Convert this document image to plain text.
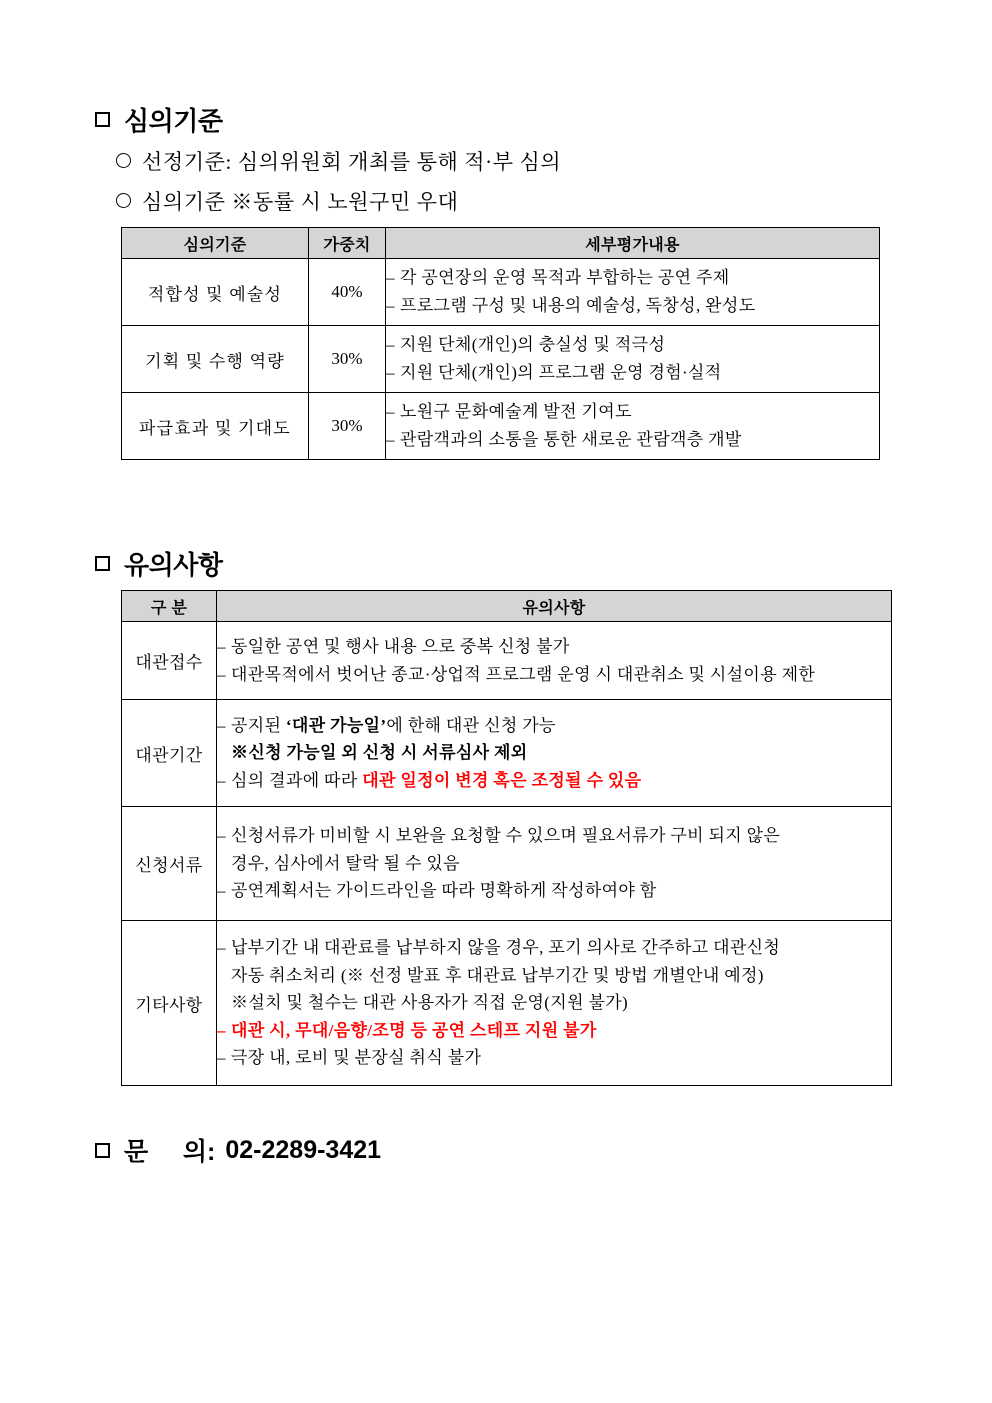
심의기준
선정기준: 심의위원회 개최를 통해 적·부 심의
심의기준 ※동률 시 노원구민 우대
심의기준	가중치	세부평가내용
적합성 및 예술성	40%	– 각 공연장의 운영 목적과 부합하는 공연 주제
– 프로그램 구성 및 내용의 예술성, 독창성, 완성도

기획 및 수행 역량	30%	– 지원 단체(개인)의 충실성 및 적극성
– 지원 단체(개인)의 프로그램 운영 경험·실적

파급효과 및 기대도	30%	– 노원구 문화예술계 발전 기여도
– 관람객과의 소통을 통한 새로운 관람객층 개발
유의사항
구 분	유의사항
대관접수	– 동일한 공연 및 행사 내용 으로 중복 신청 불가
– 대관목적에서 벗어난 종교·상업적 프로그램 운영 시 대관취소 및 시설이용 제한

대관기간	– 공지된 ‘대관 가능일’에 한해 대관 신청 가능
※신청 가능일 외 신청 시 서류심사 제외
– 심의 결과에 따라 대관 일정이 변경 혹은 조정될 수 있음

신청서류	– 신청서류가 미비할 시 보완을 요청할 수 있으며 필요서류가 구비 되지 않은
경우, 심사에서 탈락 될 수 있음
– 공연계획서는 가이드라인을 따라 명확하게 작성하여야 함

기타사항	– 납부기간 내 대관료를 납부하지 않을 경우, 포기 의사로 간주하고 대관신청
자동 취소처리 (※ 선정 발표 후 대관료 납부기간 및 방법 개별안내 예정)
※설치 및 철수는 대관 사용자가 직접 운영(지원 불가)
– 대관 시, 무대/음향/조명 등 공연 스테프 지원 불가
– 극장 내, 로비 및 분장실 취식 불가
문     의: 02-2289-3421
